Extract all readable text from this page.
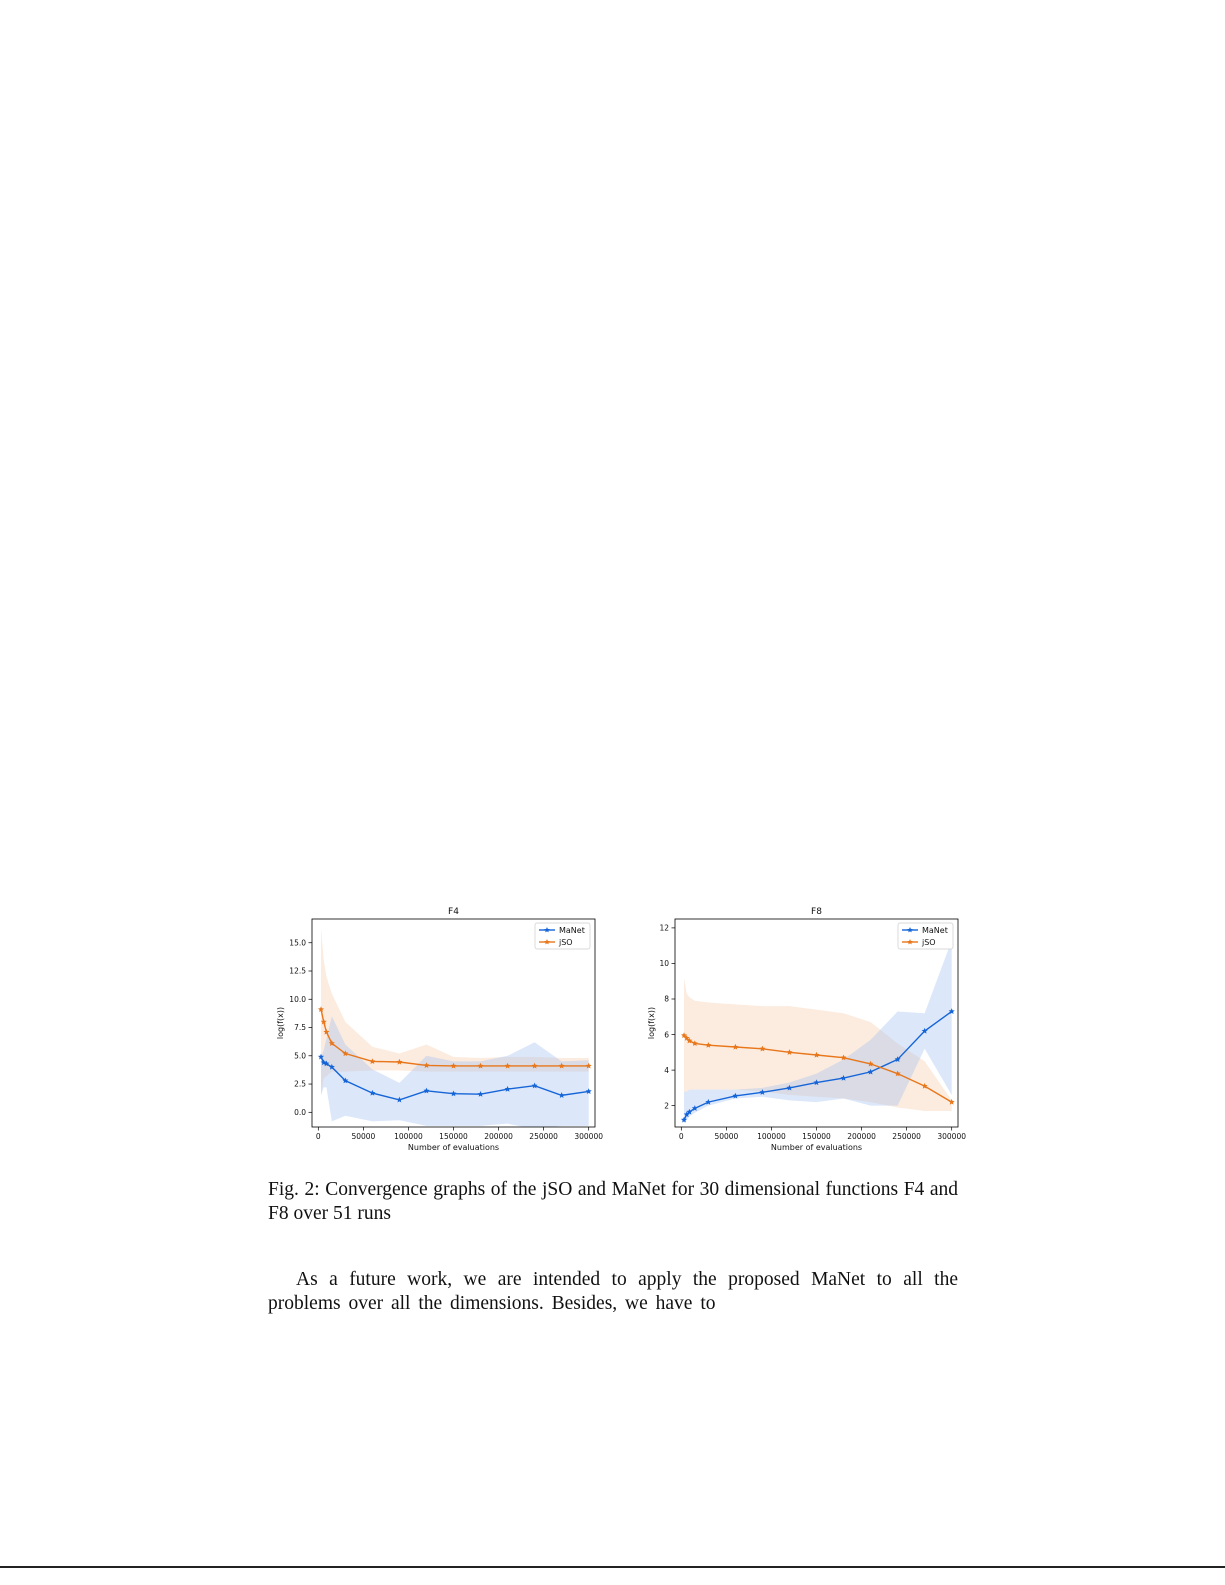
0	50000	100000 150000 200000 250000 300000
0.0
2.5
5.0
7.5
10.0
12.5
15.0
F4
Number of evaluations
log(f(x))
MaNet
jSO
0	50000	100000 150000 200000 250000 300000
2
4
6
8
10
12
F8
Number of evaluations
log(f(x))
MaNet
jSO
Fig. 2: Convergence graphs of the jSO and MaNet for 30 dimensional functions F4 and F8 over 51 runs
As a future work, we are intended to apply the proposed MaNet to all the
problems over all the dimensions. Besides, we have to
